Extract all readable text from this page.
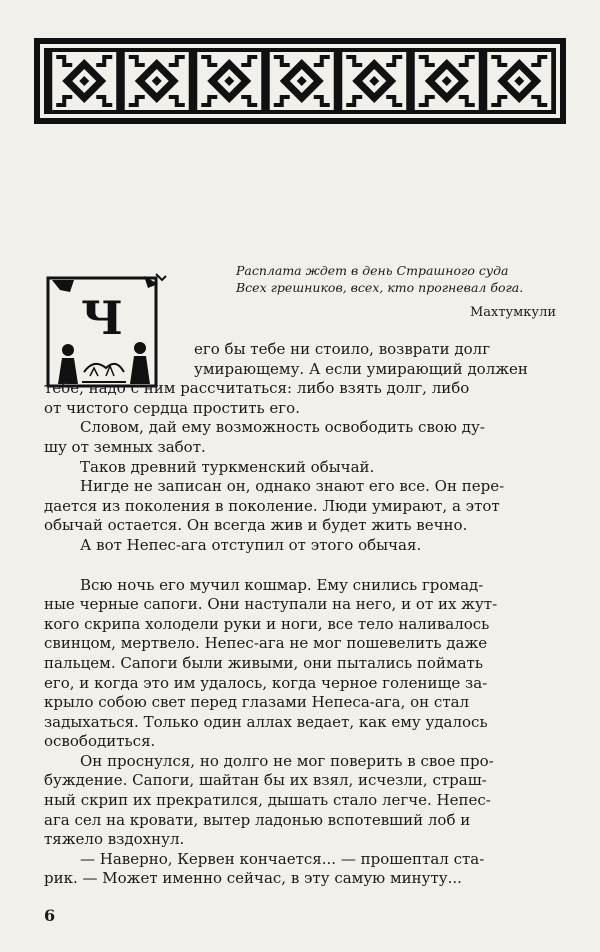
Расплата ждет в день Страшного суда
Всех грешников, всех, кто прогневал бога.
Махтумкули
Ч
его бы тебе ни стоило, возврати долг
умирающему. А если умирающий должен
тебе, надо с ним рассчитаться: либо взять долг, либо
от чистого сердца простить его.
Словом, дай ему возможность освободить свою ду-
шу от земных забот.
Таков древний туркменский обычай.
Нигде не записан он, однако знают его все. Он пере-
дается из поколения в поколение. Люди умирают, а этот
обычай остается. Он всегда жив и будет жить вечно.
А вот Непес-ага отступил от этого обычая.
Всю ночь его мучил кошмар. Ему снились громад-
ные черные сапоги. Они наступали на него, и от их жут-
кого скрипа холодели руки и ноги, все тело наливалось
свинцом, мертвело. Непес-ага не мог пошевелить даже
пальцем. Сапоги были живыми, они пытались поймать
его, и когда это им удалось, когда черное голенище за-
крыло собою свет перед глазами Непеса-ага, он стал
задыхаться. Только один аллах ведает, как ему удалось
освободиться.
Он проснулся, но долго не мог поверить в свое про-
буждение. Сапоги, шайтан бы их взял, исчезли, страш-
ный скрип их прекратился, дышать стало легче. Непес-
ага сел на кровати, вытер ладонью вспотевший лоб и
тяжело вздохнул.
— Наверно, Кервен кончается... — прошептал ста-
рик. — Может именно сейчас, в эту самую минуту...
6
